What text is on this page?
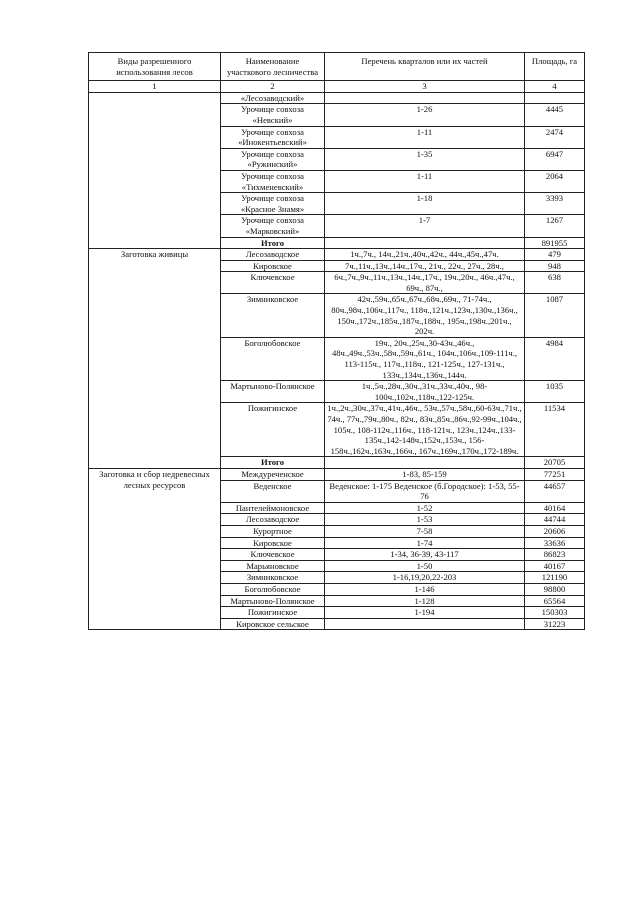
Виды разрешенного использования лесов	Наименование участкового лесничества	Перечень кварталов или их частей	Площадь, га
1	2	3	4
	«Лесозаводский»		
	Урочище совхоза «Невский»	1-26	4445
	Урочище совхоза «Инокентьевский»	1-11	2474
	Урочище совхоза «Ружинский»	1-35	6947
	Урочище совхоза «Тихменевский»	1-11	2064
	Урочище совхоза «Красное Знамя»	1-18	3393
	Урочище совхоза «Марковский»	1-7	1267
	Итого		891955
Заготовка живицы	Лесозаводское	1ч.,7ч., 14ч.,21ч.,40ч.,42ч., 44ч.,45ч.,47ч.	479
	Кировское	7ч.,11ч.,13ч.,14ч.,17ч., 21ч., 22ч., 27ч., 28ч.,	948
	Ключевское	6ч.,7ч.,9ч.,11ч.,13ч.,14ч.,17ч., 19ч.,20ч., 46ч.,47ч., 69ч., 87ч.,	638
	Зимниковское	42ч.,59ч.,65ч.,67ч.,68ч.,69ч., 71-74ч., 80ч.,98ч.,106ч.,117ч., 118ч.,121ч.,123ч.,130ч.,136ч., 150ч.,172ч.,185ч.,187ч.,188ч., 195ч.,198ч.,201ч., 202ч.	1087
	Боголюбовское	19ч., 20ч.,25ч.,30-43ч.,46ч., 48ч.,49ч.,53ч.,58ч.,59ч.,61ч., 104ч.,106ч.,109-111ч., 113-115ч., 117ч.,118ч., 121-125ч., 127-131ч., 133ч.,134ч.,136ч.,144ч.	4984
	Мартыново-Полянское	1ч.,5ч.,28ч.,30ч.,31ч.,33ч.,40ч., 98-100ч.,102ч.,118ч.,122-125ч.	1035
	Пожигинское	1ч.,2ч.,30ч.,37ч.,41ч.,46ч., 53ч.,57ч.,58ч.,60-63ч.,71ч., 74ч., 77ч.,79ч.,80ч., 82ч., 83ч.,85ч.,86ч.,92-99ч.,104ч., 105ч., 108-112ч.,116ч., 118-121ч., 123ч.,124ч.,133-135ч.,142-148ч.,152ч.,153ч., 156-158ч.,162ч.,163ч.,166ч., 167ч.,169ч.,170ч.,172-189ч.	11534
	Итого		20705
Заготовка и сбор недревесных лесных ресурсов	Междуреченское	1-83, 85-159	77251
	Веденское	Веденское: 1-175 Веденское (б.Городское): 1-53, 55-76	44657
	Пантелеймоновское	1-52	40164
	Лесозаводское	1-53	44744
	Курортное	7-58	20606
	Кировское	1-74	33636
	Ключевское	1-34, 36-39, 43-117	86823
	Марьяновское	1-50	40167
	Зимниковское	1-16,19,20,22-203	121190
	Боголюбовское	1-146	98800
	Мартыново-Полянское	1-128	65564
	Пожигинское	1-194	150303
	Кировское сельское		31223
